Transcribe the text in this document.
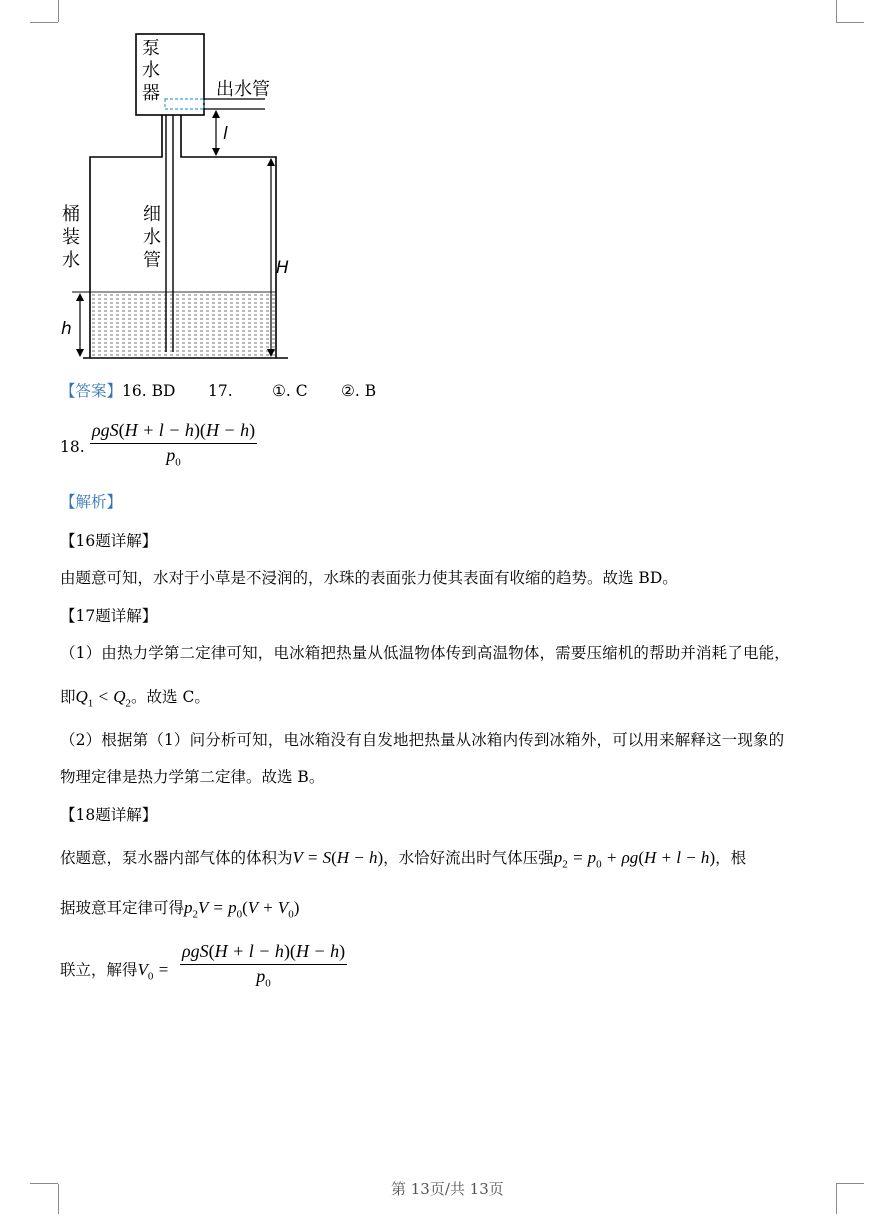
泵
水
器	出水管
细
水
管
桶
装
水
l
H
h
【答案】16. BD 17.	①. C ②. B
18. $\frac{\text{ρgS(H + l − h)(H − h)}}{p_0}$
【解析】
【16题详解】
由题意可知，水对于小草是不浸润的，水珠的表面张力使其表面有收缩的趋势。故选 BD。
【17题详解】
（1）由热力学第二定律可知，电冰箱把热量从低温物体传到高温物体，需要压缩机的帮助并消耗了电能，
即$Q_1 < Q_2$。故选 C。
（2）根据第（1）问分析可知，电冰箱没有自发地把热量从冰箱内传到冰箱外，可以用来解释这一现象的
物理定律是热力学第二定律。故选 B。
【18题详解】
依题意，泵水器内部气体的体积为V = S(H − h)，水恰好流出时气体压强$p_2 = p_0 + \rho g(H + l - h)$，根
据玻意耳定律可得$p_2V = p_0(V + V_0)$
联立，解得$V_0 = \frac{\text{ρgS(H + l − h)(H − h)}}{p_0}$
第 13页/共 13页
